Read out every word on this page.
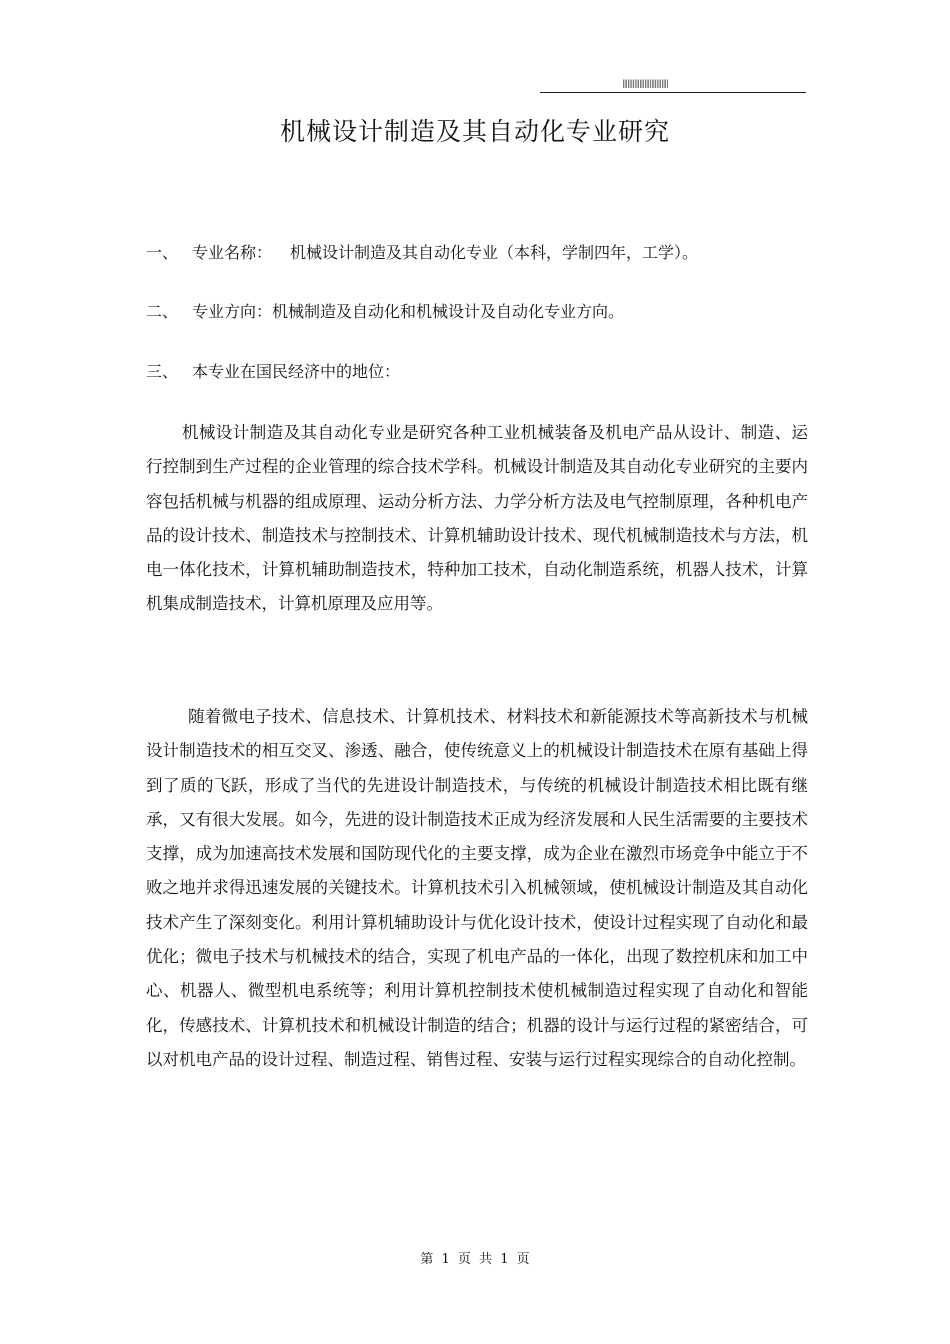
|||||||||||||||||||||||||||
机械设计制造及其自动化专业研究
一、 专业名称： 机械设计制造及其自动化专业（本科，学制四年，工学）。
二、 专业方向：机械制造及自动化和机械设计及自动化专业方向。
三、 本专业在国民经济中的地位：

机械设计制造及其自动化专业是研究各种工业机械装备及机电产品从设计、制造、运行控制到生产过程的企业管理的综合技术学科。机械设计制造及其自动化专业研究的主要内容包括机械与机器的组成原理、运动分析方法、力学分析方法及电气控制原理，各种机电产品的设计技术、制造技术与控制技术、计算机辅助设计技术、现代机械制造技术与方法，机电一体化技术，计算机辅助制造技术，特种加工技术，自动化制造系统，机器人技术，计算机集成制造技术，计算机原理及应用等。

随着微电子技术、信息技术、计算机技术、材料技术和新能源技术等高新技术与机械设计制造技术的相互交叉、渗透、融合，使传统意义上的机械设计制造技术在原有基础上得到了质的飞跃，形成了当代的先进设计制造技术，与传统的机械设计制造技术相比既有继承，又有很大发展。如今，先进的设计制造技术正成为经济发展和人民生活需要的主要技术支撑，成为加速高技术发展和国防现代化的主要支撑，成为企业在激烈市场竞争中能立于不败之地并求得迅速发展的关键技术。计算机技术引入机械领域，使机械设计制造及其自动化技术产生了深刻变化。利用计算机辅助设计与优化设计技术，使设计过程实现了自动化和最优化；微电子技术与机械技术的结合，实现了机电产品的一体化，出现了数控机床和加工中心、机器人、微型机电系统等；利用计算机控制技术使机械制造过程实现了自动化和智能化，传感技术、计算机技术和机械设计制造的结合；机器的设计与运行过程的紧密结合，可以对机电产品的设计过程、制造过程、销售过程、安装与运行过程实现综合的自动化控制。

第 1 页 共 1 页
